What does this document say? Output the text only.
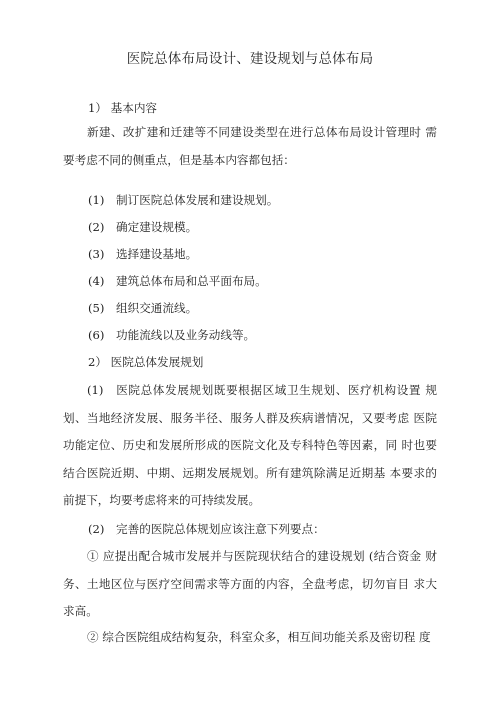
医院总体布局设计、建设规划与总体布局
1） 基本内容
新建、改扩建和迁建等不同建设类型在进行总体布局设计管理时 需要考虑不同的侧重点，但是基本内容都包括：
(1)　制订医院总体发展和建设规划。
(2)　确定建设规模。
(3)　选择建设基地。
(4)　建筑总体布局和总平面布局。
(5)　组织交通流线。
(6)　功能流线以及业务动线等。
2） 医院总体发展规划
(1)　医院总体发展规划既要根据区域卫生规划、医疗机构设置 规划、当地经济发展、服务半径、服务人群及疾病谱情况，又要考虑 医院功能定位、历史和发展所形成的医院文化及专科特色等因素，同 时也要结合医院近期、中期、远期发展规划。所有建筑除满足近期基 本要求的前提下，均要考虑将来的可持续发展。
(2)　完善的医院总体规划应该注意下列要点：
① 应提出配合城市发展并与医院现状结合的建设规划 (结合资金 财务、土地区位与医疗空间需求等方面的内容，全盘考虑，切勿盲目 求大求高。
② 综合医院组成结构复杂，科室众多，相互间功能关系及密切程 度
